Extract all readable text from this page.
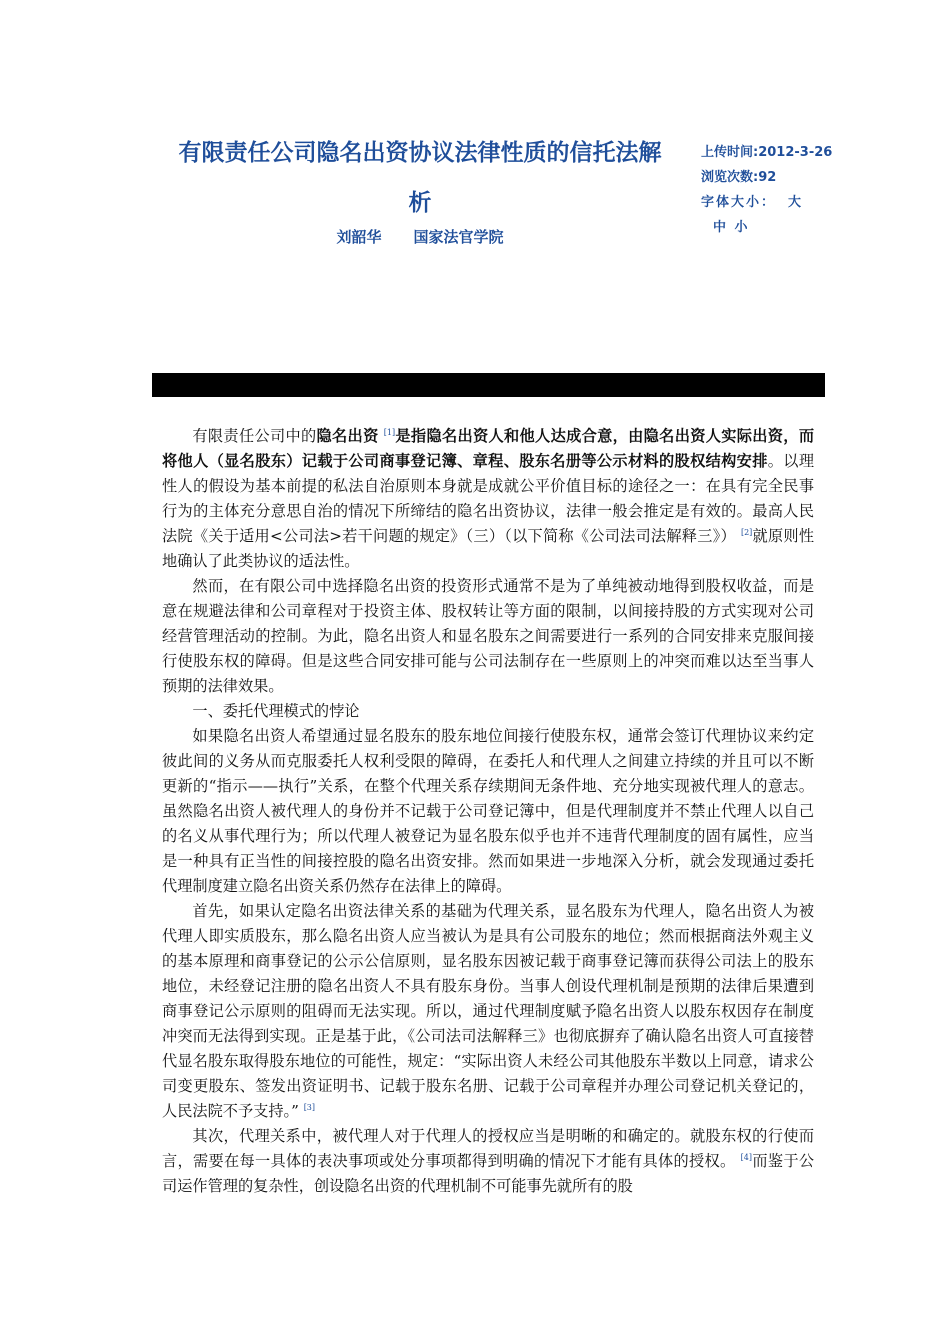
有限责任公司隐名出资协议法律性质的信托法解析
刘韶华 国家法官学院
上传时间:2012-3-26
浏览次数:92
字体大小： 大中 小

有限责任公司中的隐名出资 [1]是指隐名出资人和他人达成合意，由隐名出资人实际出资，而将他人（显名股东）记载于公司商事登记簿、章程、股东名册等公示材料的股权结构安排。以理性人的假设为基本前提的私法自治原则本身就是成就公平价值目标的途径之一：在具有完全民事行为的主体充分意思自治的情况下所缔结的隐名出资协议，法律一般会推定是有效的。最高人民法院《关于适用<公司法>若干问题的规定》（三）（以下简称《公司法司法解释三》） [2]就原则性地确认了此类协议的适法性。

然而，在有限公司中选择隐名出资的投资形式通常不是为了单纯被动地得到股权收益，而是意在规避法律和公司章程对于投资主体、股权转让等方面的限制，以间接持股的方式实现对公司经营管理活动的控制。为此，隐名出资人和显名股东之间需要进行一系列的合同安排来克服间接行使股东权的障碍。但是这些合同安排可能与公司法制存在一些原则上的冲突而难以达至当事人预期的法律效果。

一、委托代理模式的悖论

如果隐名出资人希望通过显名股东的股东地位间接行使股东权，通常会签订代理协议来约定彼此间的义务从而克服委托人权利受限的障碍，在委托人和代理人之间建立持续的并且可以不断更新的“指示——执行”关系，在整个代理关系存续期间无条件地、充分地实现被代理人的意志。虽然隐名出资人被代理人的身份并不记载于公司登记簿中，但是代理制度并不禁止代理人以自己的名义从事代理行为；所以代理人被登记为显名股东似乎也并不违背代理制度的固有属性，应当是一种具有正当性的间接控股的隐名出资安排。然而如果进一步地深入分析，就会发现通过委托代理制度建立隐名出资关系仍然存在法律上的障碍。

首先，如果认定隐名出资法律关系的基础为代理关系，显名股东为代理人，隐名出资人为被代理人即实质股东，那么隐名出资人应当被认为是具有公司股东的地位；然而根据商法外观主义的基本原理和商事登记的公示公信原则，显名股东因被记载于商事登记簿而获得公司法上的股东地位，未经登记注册的隐名出资人不具有股东身份。当事人创设代理机制是预期的法律后果遭到商事登记公示原则的阻碍而无法实现。所以，通过代理制度赋予隐名出资人以股东权因存在制度冲突而无法得到实现。正是基于此，《公司法司法解释三》也彻底摒弃了确认隐名出资人可直接替代显名股东取得股东地位的可能性，规定：“实际出资人未经公司其他股东半数以上同意，请求公司变更股东、签发出资证明书、记载于股东名册、记载于公司章程并办理公司登记机关登记的，人民法院不予支持。” [3]

其次，代理关系中，被代理人对于代理人的授权应当是明晰的和确定的。就股东权的行使而言，需要在每一具体的表决事项或处分事项都得到明确的情况下才能有具体的授权。 [4]而鉴于公司运作管理的复杂性，创设隐名出资的代理机制不可能事先就所有的股
